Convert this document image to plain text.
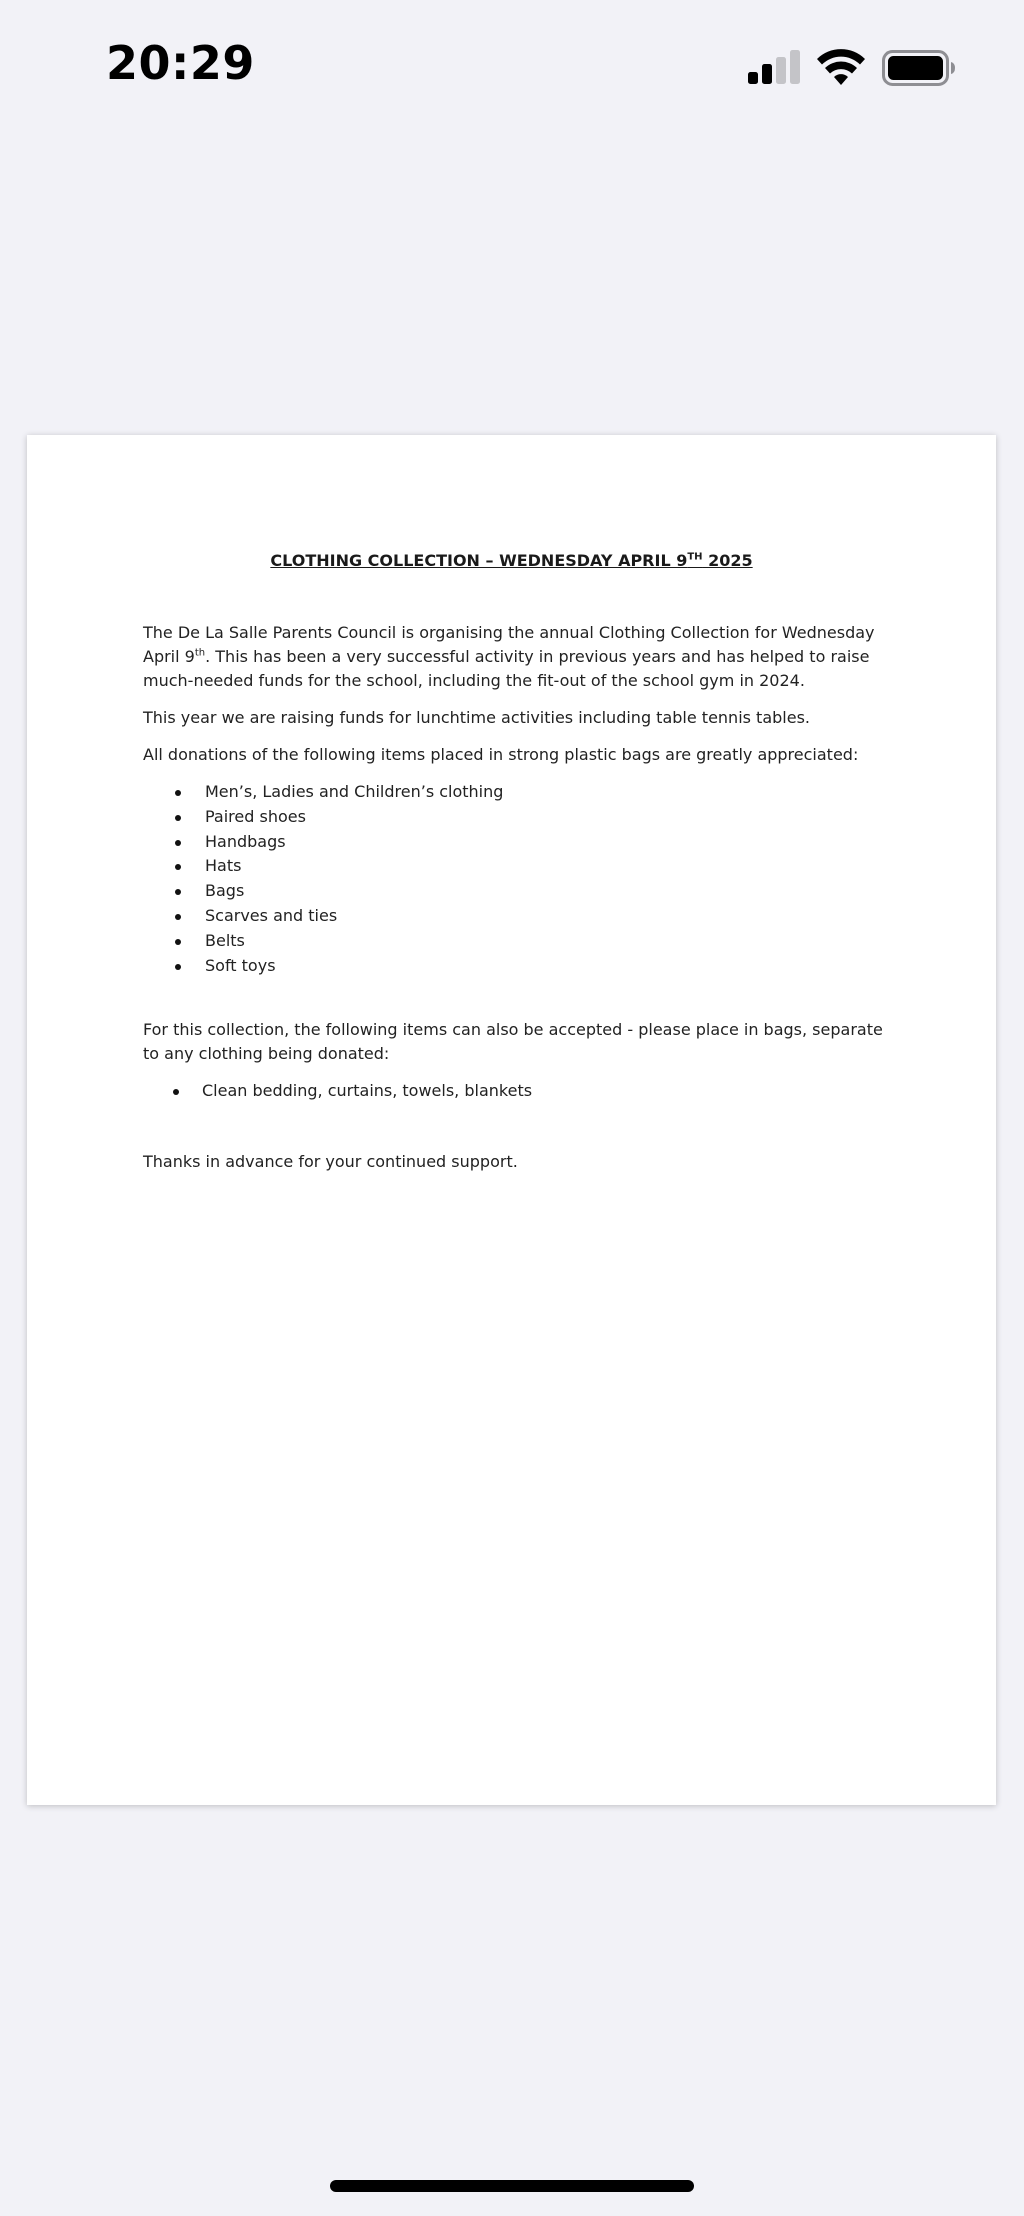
20:29
CLOTHING COLLECTION – WEDNESDAY APRIL 9TH 2025

The De La Salle Parents Council is organising the annual Clothing Collection for Wednesday April 9th. This has been a very successful activity in previous years and has helped to raise much-needed funds for the school, including the fit-out of the school gym in 2024.

This year we are raising funds for lunchtime activities including table tennis tables.

All donations of the following items placed in strong plastic bags are greatly appreciated:

Men’s, Ladies and Children’s clothing
Paired shoes
Handbags
Hats
Bags
Scarves and ties
Belts
Soft toys

For this collection, the following items can also be accepted - please place in bags, separate to any clothing being donated:

Clean bedding, curtains, towels, blankets

Thanks in advance for your continued support.
